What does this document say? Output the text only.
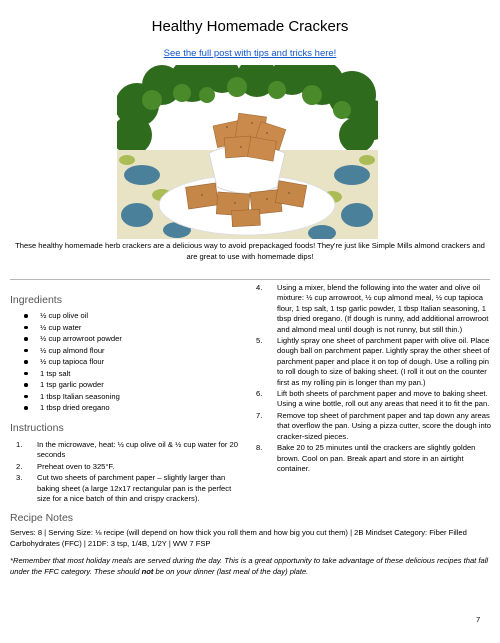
Healthy Homemade Crackers
See the full post with tips and tricks here!
These healthy homemade herb crackers are a delicious way to avoid prepackaged foods! They're just like Simple Mills almond crackers and are great to use with homemade dips!
Ingredients
½ cup olive oil
½ cup water
½ cup arrowroot powder
½ cup almond flour
½ cup tapioca flour
1 tsp salt
1 tsp garlic powder
1 tbsp Italian seasoning
1 tbsp dried oregano
Instructions
1. In the microwave, heat: ½ cup olive oil & ½ cup water for 20 seconds
2. Preheat oven to 325°F.
3. Cut two sheets of parchment paper – slightly larger than baking sheet (a large 12x17 rectangular pan is the perfect size for a nice batch of thin and crispy crackers).
4. Using a mixer, blend the following into the water and olive oil mixture: ½ cup arrowroot, ½ cup almond meal, ½ cup tapioca flour, 1 tsp salt, 1 tsp garlic powder, 1 tbsp Italian seasoning, 1 tbsp dried oregano. (If dough is runny, add additional arrowroot and almond meal until dough is not runny, but still thin.)
5. Lightly spray one sheet of parchment paper with olive oil. Place dough ball on parchment paper. Lightly spray the other sheet of parchment paper and place it on top of dough. Use a rolling pin to roll dough to size of baking sheet. (I roll it out on the counter first as my rolling pin is longer than my pan.)
6. Lift both sheets of parchment paper and move to baking sheet. Using a wine bottle, roll out any areas that need it to fit the pan.
7. Remove top sheet of parchment paper and tap down any areas that overflow the pan. Using a pizza cutter, score the dough into cracker-sized pieces.
8. Bake 20 to 25 minutes until the crackers are slightly golden brown. Cool on pan. Break apart and store in an airtight container.
Recipe Notes
Serves: 8 | Serving Size: ⅛ recipe (will depend on how thick you roll them and how big you cut them) | 2B Mindset Category: Fiber Filled Carbohydrates (FFC) | 21DF: 3 tsp, 1/4B, 1/2Y | WW 7 FSP
*Remember that most holiday meals are served during the day. This is a great opportunity to take advantage of these delicious recipes that fall under the FFC category. These should not be on your dinner (last meal of the day) plate.
7
